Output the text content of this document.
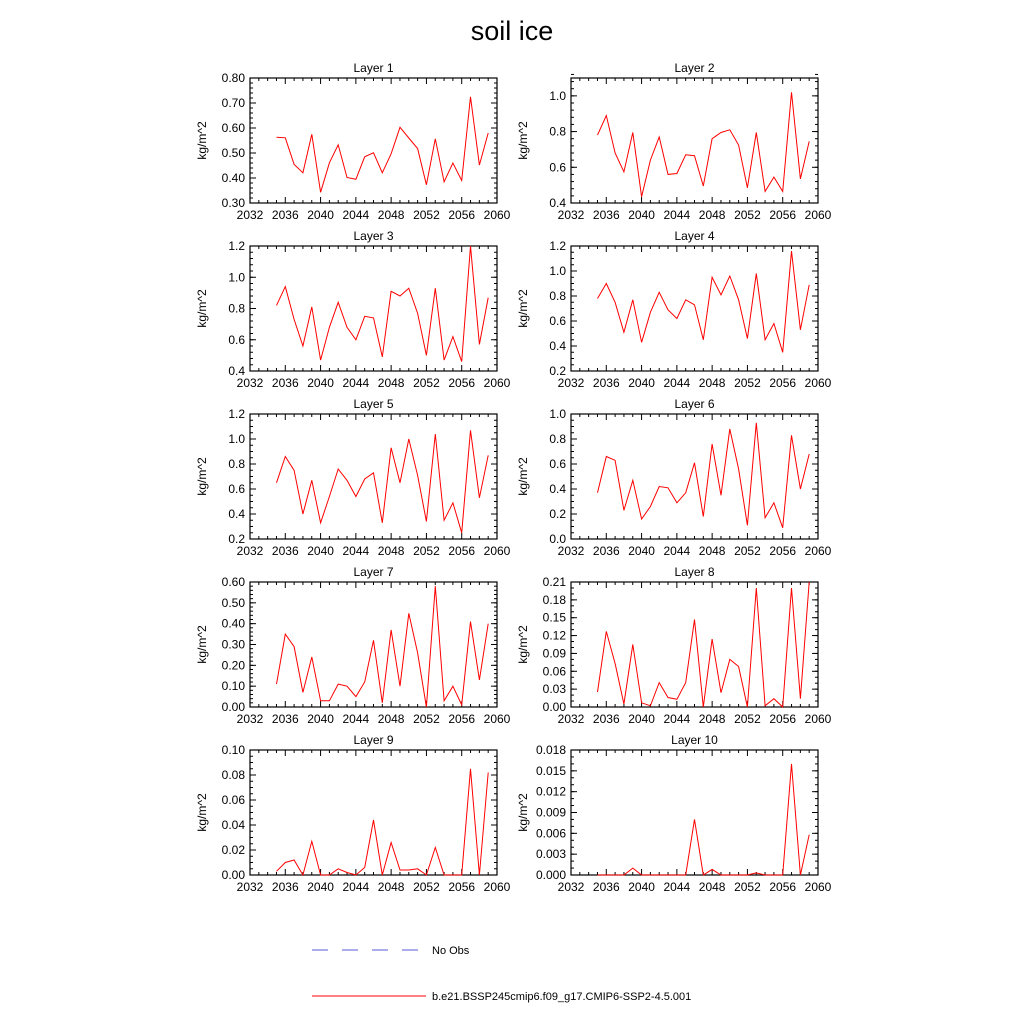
soil ice
Layer 1
kg/m^2
2032 2036 2040 2044 2048 2052 2056 2060
0.30
0.40
0.50
0.60
0.70
0.80
Layer 2
kg/m^2
2032 2036 2040 2044 2048 2052 2056 2060
0.4
0.6
0.8
1.0
Layer 3
kg/m^2
2032 2036 2040 2044 2048 2052 2056 2060
0.4
0.6
0.8
1.0
1.2
Layer 4
kg/m^2
2032 2036 2040 2044 2048 2052 2056 2060
0.2
0.4
0.6
0.8
1.0
1.2
Layer 5
kg/m^2
2032 2036 2040 2044 2048 2052 2056 2060
0.2
0.4
0.6
0.8
1.0
1.2
Layer 6
kg/m^2
2032 2036 2040 2044 2048 2052 2056 2060
0.0
0.2
0.4
0.6
0.8
1.0
Layer 7
kg/m^2
2032 2036 2040 2044 2048 2052 2056 2060
0.00
0.10
0.20
0.30
0.40
0.50
0.60
Layer 8
kg/m^2
2032 2036 2040 2044 2048 2052 2056 2060
0.00
0.03
0.06
0.09
0.12
0.15
0.18
0.21
Layer 9
kg/m^2
2032 2036 2040 2044 2048 2052 2056 2060
0.00
0.02
0.04
0.06
0.08
0.10
Layer 10
kg/m^2
2032 2036 2040 2044 2048 2052 2056 2060
0.000
0.003
0.006
0.009
0.012
0.015
0.018
No Obs
b.e21.BSSP245cmip6.f09_g17.CMIP6-SSP2-4.5.001
